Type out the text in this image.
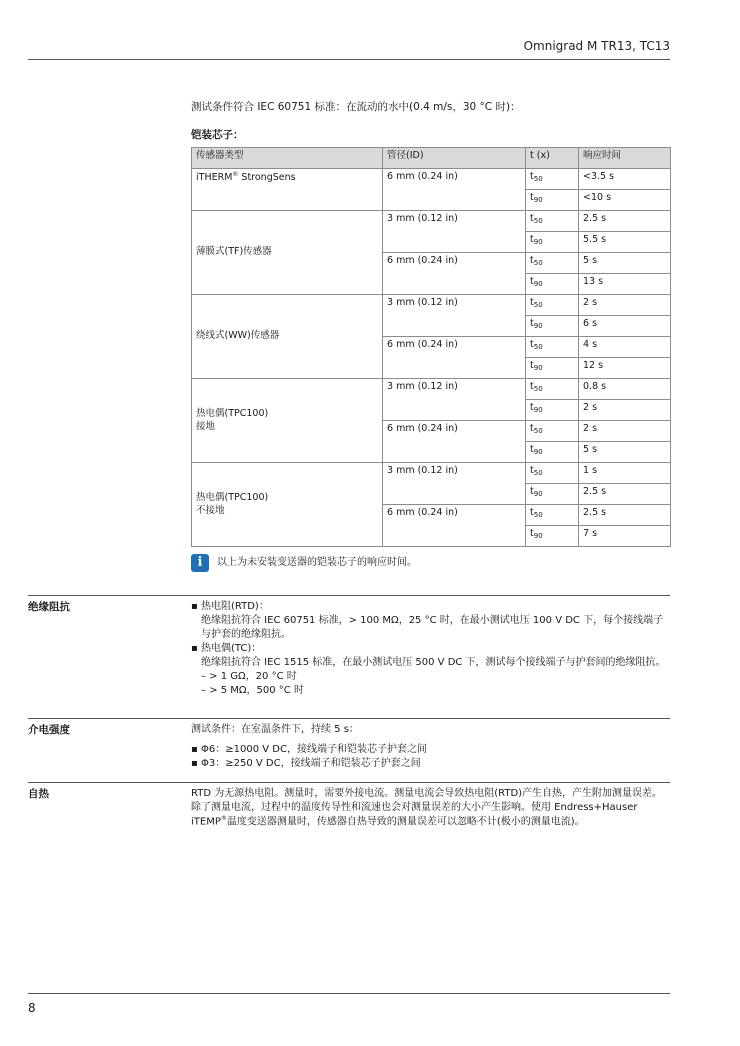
Omnigrad M TR13, TC13
测试条件符合 IEC 60751 标准：在流动的水中(0.4 m/s，30 °C 时)：
铠装芯子：
传感器类型	管径(ID)	t (x)	响应时间
iTHERM® StrongSens	6 mm (0.24 in)	$t_{50}$	<3.5 s
		$t_{90}$	<10 s

薄膜式(TF)传感器	3 mm (0.12 in)	$t_{50}$	2.5 s
		$t_{90}$	5.5 s
	6 mm (0.24 in)	$t_{50}$	5 s
		$t_{90}$	13 s

绕线式(WW)传感器	3 mm (0.12 in)	$t_{50}$	2 s
		$t_{90}$	6 s
	6 mm (0.24 in)	$t_{50}$	4 s
		$t_{90}$	12 s

热电偶(TPC100)
接地	3 mm (0.12 in)	$t_{50}$	0.8 s
		$t_{90}$	2 s
	6 mm (0.24 in)	$t_{50}$	2 s
		$t_{90}$	5 s

热电偶(TPC100)
不接地	3 mm (0.12 in)	$t_{50}$	1 s
		$t_{90}$	2.5 s
	6 mm (0.24 in)	$t_{50}$	2.5 s
		$t_{90}$	7 s
i	以上为未安装变送器的铠装芯子的响应时间。
绝缘阻抗	▪ 热电阻(RTD)：
绝缘阻抗符合 IEC 60751 标准，> 100 MΩ，25 °C 时，在最小测试电压 100 V DC 下，每个接线端子与护套的绝缘阻抗。
▪ 热电偶(TC)：
绝缘阻抗符合 IEC 1515 标准，在最小测试电压 500 V DC 下，测试每个接线端子与护套间的绝缘阻抗。
– > 1 GΩ，20 °C 时
– > 5 MΩ，500 °C 时
介电强度	测试条件：在室温条件下，持续 5 s：

▪ Φ6：≥1000 V DC，接线端子和铠装芯子护套之间
▪ Φ3：≥250 V DC，接线端子和铠装芯子护套之间
自热	RTD 为无源热电阻。测量时，需要外接电流。测量电流会导致热电阻(RTD)产生自热，产生附加测量误差。除了测量电流，过程中的温度传导性和流速也会对测量误差的大小产生影响。使用 Endress+Hauser iTEMP®温度变送器测量时，传感器自热导致的测量误差可以忽略不计(极小的测量电流)。

8
